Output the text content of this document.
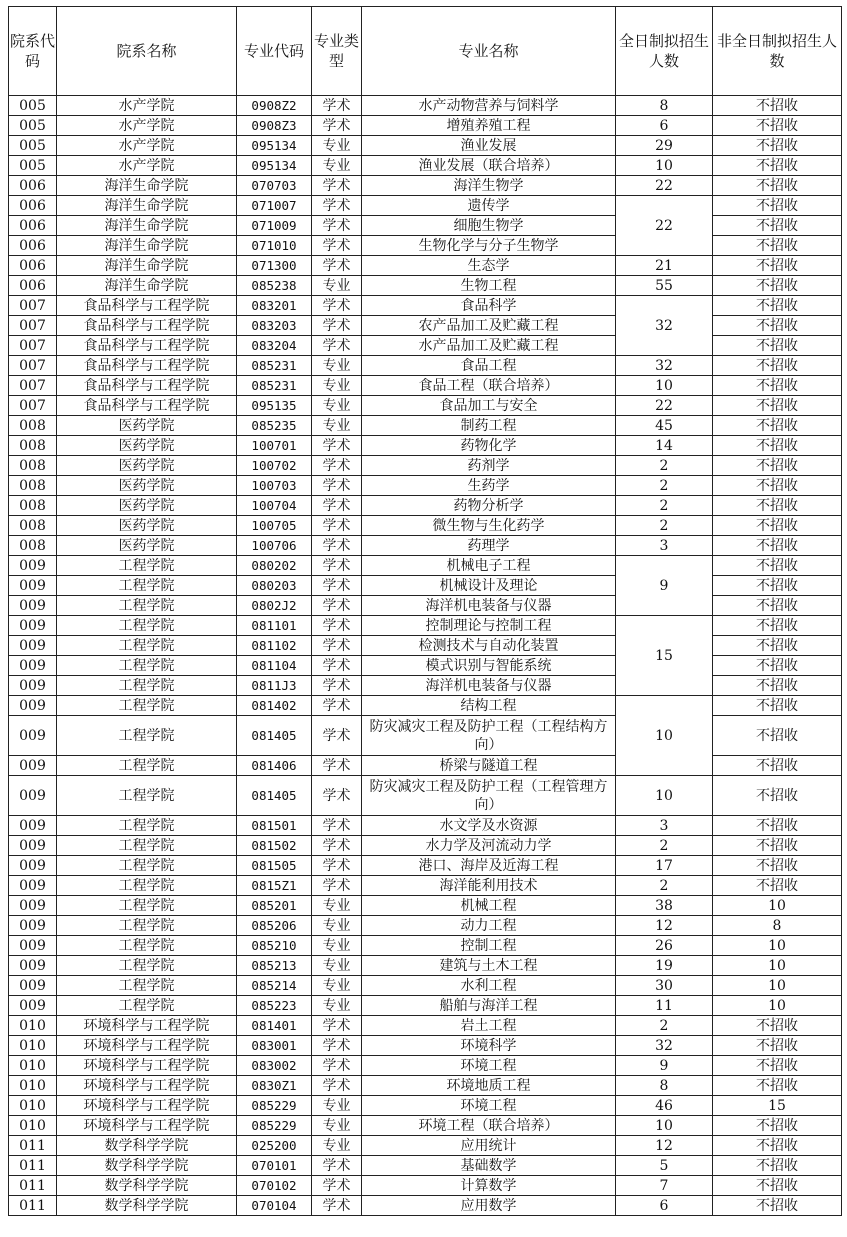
院系代码	院系名称	专业代码	专业类型	专业名称	全日制拟招生人数	非全日制拟招生人数
005	水产学院	0908Z2	学术	水产动物营养与饲料学	8	不招收
005	水产学院	0908Z3	学术	增殖养殖工程	6	不招收
005	水产学院	095134	专业	渔业发展	29	不招收
005	水产学院	095134	专业	渔业发展（联合培养）	10	不招收
006	海洋生命学院	070703	学术	海洋生物学	22	不招收
006	海洋生命学院	071007	学术	遗传学	22	不招收
006	海洋生命学院	071009	学术	细胞生物学		不招收
006	海洋生命学院	071010	学术	生物化学与分子生物学		不招收
006	海洋生命学院	071300	学术	生态学	21	不招收
006	海洋生命学院	085238	专业	生物工程	55	不招收
007	食品科学与工程学院	083201	学术	食品科学	32	不招收
007	食品科学与工程学院	083203	学术	农产品加工及贮藏工程		不招收
007	食品科学与工程学院	083204	学术	水产品加工及贮藏工程		不招收
007	食品科学与工程学院	085231	专业	食品工程	32	不招收
007	食品科学与工程学院	085231	专业	食品工程（联合培养）	10	不招收
007	食品科学与工程学院	095135	专业	食品加工与安全	22	不招收
008	医药学院	085235	专业	制药工程	45	不招收
008	医药学院	100701	学术	药物化学	14	不招收
008	医药学院	100702	学术	药剂学	2	不招收
008	医药学院	100703	学术	生药学	2	不招收
008	医药学院	100704	学术	药物分析学	2	不招收
008	医药学院	100705	学术	微生物与生化药学	2	不招收
008	医药学院	100706	学术	药理学	3	不招收
009	工程学院	080202	学术	机械电子工程	9	不招收
009	工程学院	080203	学术	机械设计及理论		不招收
009	工程学院	0802J2	学术	海洋机电装备与仪器		不招收
009	工程学院	081101	学术	控制理论与控制工程	15	不招收
009	工程学院	081102	学术	检测技术与自动化装置		不招收
009	工程学院	081104	学术	模式识别与智能系统		不招收
009	工程学院	0811J3	学术	海洋机电装备与仪器		不招收
009	工程学院	081402	学术	结构工程	10	不招收
009	工程学院	081405	学术	防灾减灾工程及防护工程（工程结构方向）		不招收
009	工程学院	081406	学术	桥梁与隧道工程		不招收
009	工程学院	081405	学术	防灾减灾工程及防护工程（工程管理方向）	10	不招收
009	工程学院	081501	学术	水文学及水资源	3	不招收
009	工程学院	081502	学术	水力学及河流动力学	2	不招收
009	工程学院	081505	学术	港口、海岸及近海工程	17	不招收
009	工程学院	0815Z1	学术	海洋能利用技术	2	不招收
009	工程学院	085201	专业	机械工程	38	10
009	工程学院	085206	专业	动力工程	12	8
009	工程学院	085210	专业	控制工程	26	10
009	工程学院	085213	专业	建筑与土木工程	19	10
009	工程学院	085214	专业	水利工程	30	10
009	工程学院	085223	专业	船舶与海洋工程	11	10
010	环境科学与工程学院	081401	学术	岩土工程	2	不招收
010	环境科学与工程学院	083001	学术	环境科学	32	不招收
010	环境科学与工程学院	083002	学术	环境工程	9	不招收
010	环境科学与工程学院	0830Z1	学术	环境地质工程	8	不招收
010	环境科学与工程学院	085229	专业	环境工程	46	15
010	环境科学与工程学院	085229	专业	环境工程（联合培养）	10	不招收
011	数学科学学院	025200	专业	应用统计	12	不招收
011	数学科学学院	070101	学术	基础数学	5	不招收
011	数学科学学院	070102	学术	计算数学	7	不招收
011	数学科学学院	070104	学术	应用数学	6	不招收
